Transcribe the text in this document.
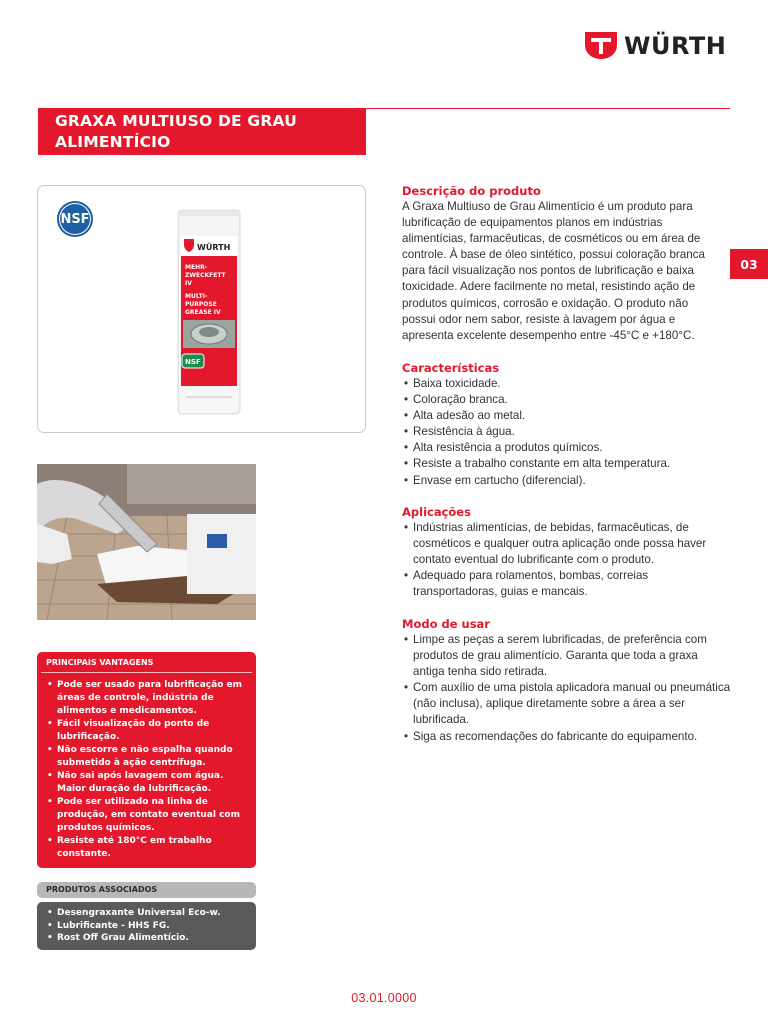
WÜRTH
GRAXA MULTIUSO DE GRAU ALIMENTÍCIO
03
NSF
WÜRTH
MEHR-
ZWECKFETT
IV
MULTI-
PURPOSE
GREASE IV
NSF
PRINCIPAIS VANTAGENS
• Pode ser usado para lubrificação em áreas de controle, indústria de alimentos e medicamentos.
• Fácil visualização do ponto de lubrificação.
• Não escorre e não espalha quando submetido à ação centrífuga.
• Não sai após lavagem com água. Maior duração da lubrificação.
• Pode ser utilizado na linha de produção, em contato eventual com produtos químicos.
• Resiste até 180°C em trabalho constante.
PRODUTOS ASSOCIADOS
• Desengraxante Universal Eco-w.
• Lubrificante - HHS FG.
• Rost Off Grau Alimentício.
Descrição do produto
A Graxa Multiuso de Grau Alimentício é um produto para lubrificação de equipamentos planos em indústrias alimentícias, farmacêuticas, de cosméticos ou em área de controle. À base de óleo sintético, possui coloração branca para fácil visualização nos pontos de lubrificação e baixa toxicidade. Adere facilmente no metal, resistindo ação de produtos químicos, corrosão e oxidação. O produto não possui odor nem sabor, resiste à lavagem por água e apresenta excelente desempenho entre -45°C e +180°C.
Características
• Baixa toxicidade.
• Coloração branca.
• Alta adesão ao metal.
• Resistência à água.
• Alta resistência a produtos químicos.
• Resiste a trabalho constante em alta temperatura.
• Envase em cartucho (diferencial).
Aplicações
• Indústrias alimentícias, de bebidas, farmacêuticas, de cosméticos e qualquer outra aplicação onde possa haver contato eventual do lubrificante com o produto.
• Adequado para rolamentos, bombas, correias transportadoras, guias e mancais.
Modo de usar
• Limpe as peças a serem lubrificadas, de preferência com produtos de grau alimentício. Garanta que toda a graxa antiga tenha sido retirada.
• Com auxílio de uma pistola aplicadora manual ou pneumática (não inclusa), aplique diretamente sobre a área a ser lubrificada.
• Siga as recomendações do fabricante do equipamento.
03.01.0000
